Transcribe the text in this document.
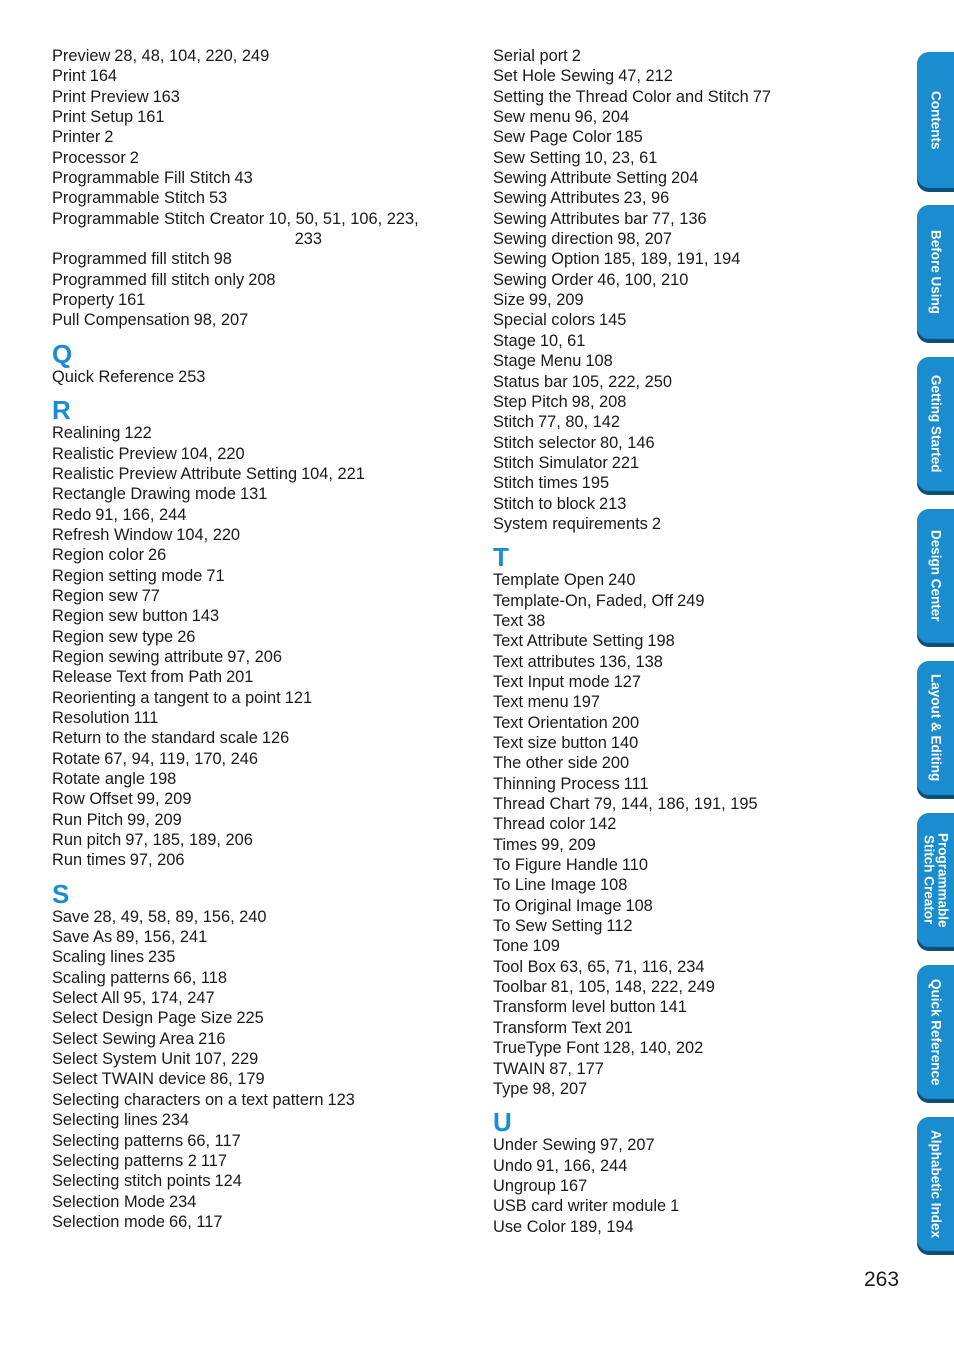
Preview 28, 48, 104, 220, 249
Print 164
Print Preview 163
Print Setup 161
Printer 2
Processor 2
Programmable Fill Stitch 43
Programmable Stitch 53
Programmable Stitch Creator 10, 50, 51, 106, 223,
233
Programmed fill stitch 98
Programmed fill stitch only 208
Property 161
Pull Compensation 98, 207
Q
Quick Reference 253
R
Realining 122
Realistic Preview 104, 220
Realistic Preview Attribute Setting 104, 221
Rectangle Drawing mode 131
Redo 91, 166, 244
Refresh Window 104, 220
Region color 26
Region setting mode 71
Region sew 77
Region sew button 143
Region sew type 26
Region sewing attribute 97, 206
Release Text from Path 201
Reorienting a tangent to a point 121
Resolution 111
Return to the standard scale 126
Rotate 67, 94, 119, 170, 246
Rotate angle 198
Row Offset 99, 209
Run Pitch 99, 209
Run pitch 97, 185, 189, 206
Run times 97, 206
S
Save 28, 49, 58, 89, 156, 240
Save As 89, 156, 241
Scaling lines 235
Scaling patterns 66, 118
Select All 95, 174, 247
Select Design Page Size 225
Select Sewing Area 216
Select System Unit 107, 229
Select TWAIN device 86, 179
Selecting characters on a text pattern 123
Selecting lines 234
Selecting patterns 66, 117
Selecting patterns 2 117
Selecting stitch points 124
Selection Mode 234
Selection mode 66, 117
Serial port 2
Set Hole Sewing 47, 212
Setting the Thread Color and Stitch 77
Sew menu 96, 204
Sew Page Color 185
Sew Setting 10, 23, 61
Sewing Attribute Setting 204
Sewing Attributes 23, 96
Sewing Attributes bar 77, 136
Sewing direction 98, 207
Sewing Option 185, 189, 191, 194
Sewing Order 46, 100, 210
Size 99, 209
Special colors 145
Stage 10, 61
Stage Menu 108
Status bar 105, 222, 250
Step Pitch 98, 208
Stitch 77, 80, 142
Stitch selector 80, 146
Stitch Simulator 221
Stitch times 195
Stitch to block 213
System requirements 2
T
Template Open 240
Template-On, Faded, Off 249
Text 38
Text Attribute Setting 198
Text attributes 136, 138
Text Input mode 127
Text menu 197
Text Orientation 200
Text size button 140
The other side 200
Thinning Process 111
Thread Chart 79, 144, 186, 191, 195
Thread color 142
Times 99, 209
To Figure Handle 110
To Line Image 108
To Original Image 108
To Sew Setting 112
Tone 109
Tool Box 63, 65, 71, 116, 234
Toolbar 81, 105, 148, 222, 249
Transform level button 141
Transform Text 201
TrueType Font 128, 140, 202
TWAIN 87, 177
Type 98, 207
U
Under Sewing 97, 207
Undo 91, 166, 244
Ungroup 167
USB card writer module 1
Use Color 189, 194
Contents
Before Using
Getting Started
Design Center
Layout & Editing
Programmable
Stitch Creator
Quick Reference
Alphabetic Index
263
